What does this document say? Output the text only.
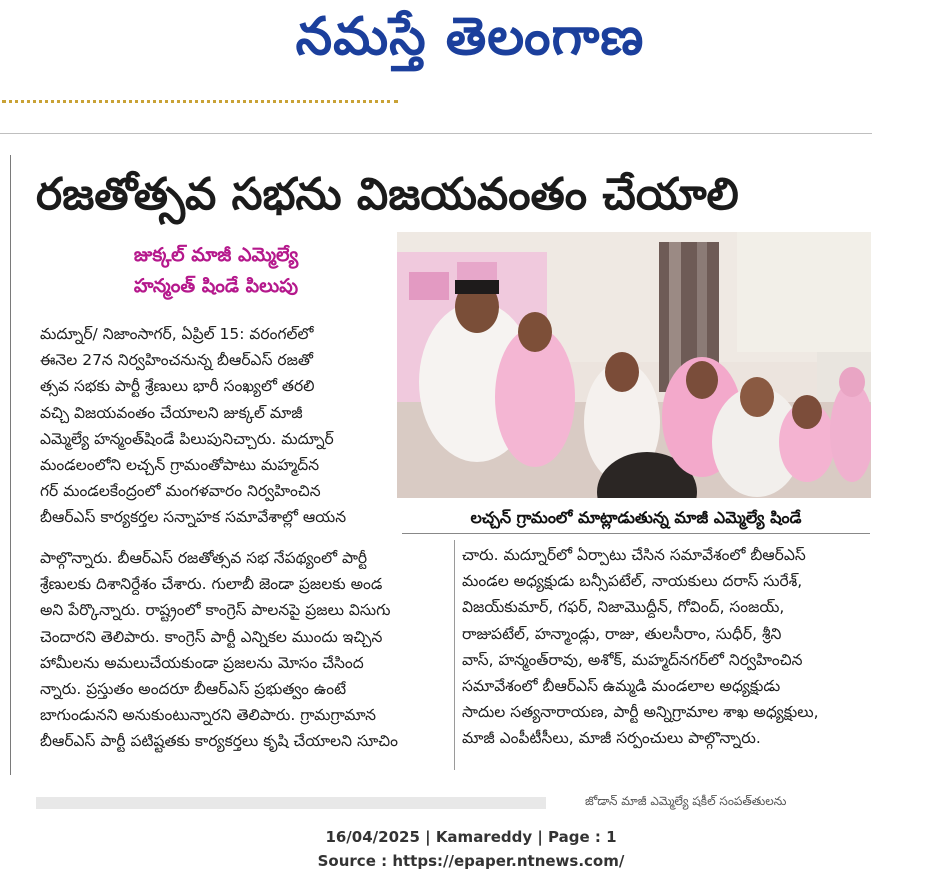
నమస్తే తెలంగాణ
రజతోత్సవ సభను విజయవంతం చేయాలి
జుక్కల్ మాజీ ఎమ్మెల్యే
హన్మంత్ షిండే పిలుపు
లచ్చన్ గ్రామంలో మాట్లాడుతున్న మాజీ ఎమ్మెల్యే షిండే
మద్నూర్/ నిజాంసాగర్, ఏప్రిల్ 15: వరంగల్‌లో
ఈనెల 27న నిర్వహించనున్న బీఆర్ఎస్ రజతో
త్సవ సభకు పార్టీ శ్రేణులు భారీ సంఖ్యలో తరలి
వచ్చి విజయవంతం చేయాలని జుక్కల్ మాజీ
ఎమ్మెల్యే హన్మంత్‌షిండే పిలుపునిచ్చారు. మద్నూర్
మండలంలోని లచ్చన్ గ్రామంతోపాటు మహ్మద్‌న
గర్ మండలకేంద్రంలో మంగళవారం నిర్వహించిన
బీఆర్ఎస్ కార్యకర్తల సన్నాహక సమావేశాల్లో ఆయన
పాల్గొన్నారు. బీఆర్ఎస్ రజతోత్సవ సభ నేపథ్యంలో పార్టీ
శ్రేణులకు దిశానిర్దేశం చేశారు. గులాబీ జెండా ప్రజలకు అండ
అని పేర్కొన్నారు. రాష్ట్రంలో కాంగ్రెస్ పాలనపై ప్రజలు విసుగు
చెందారని తెలిపారు. కాంగ్రెస్ పార్టీ ఎన్నికల ముందు ఇచ్చిన
హామీలను అమలుచేయకుండా ప్రజలను మోసం చేసింద
న్నారు. ప్రస్తుతం అందరూ బీఆర్ఎస్ ప్రభుత్వం ఉంటే
బాగుండునని అనుకుంటున్నారని తెలిపారు. గ్రామగ్రామాన
బీఆర్ఎస్ పార్టీ పటిష్టతకు కార్యకర్తలు కృషి చేయాలని సూచిం
చారు. మద్నూర్‌లో ఏర్పాటు చేసిన సమావేశంలో బీఆర్ఎస్
మండల అధ్యక్షుడు బన్సీపటేల్, నాయకులు దరాస్ సురేశ్,
విజయ్‌కుమార్, గఫర్, నిజామొద్దీన్, గోవింద్, సంజయ్,
రాజుపటేల్, హన్మాండ్లు, రాజు, తులసీరాం, సుధీర్, శ్రీని
వాస్, హన్మంత్‌రావు, అశోక్, మహ్మద్‌నగర్‌లో నిర్వహించిన
సమావేశంలో బీఆర్ఎస్ ఉమ్మడి మండలాల అధ్యక్షుడు
సాదుల సత్యనారాయణ, పార్టీ అన్నిగ్రామాల శాఖ అధ్యక్షులు,
మాజీ ఎంపీటీసీలు, మాజీ సర్పంచులు పాల్గొన్నారు.
జోడాన్ మాజీ ఎమ్మెల్యే షకీల్ సంపత్‌తులను
16/04/2025 | Kamareddy | Page : 1
Source : https://epaper.ntnews.com/
